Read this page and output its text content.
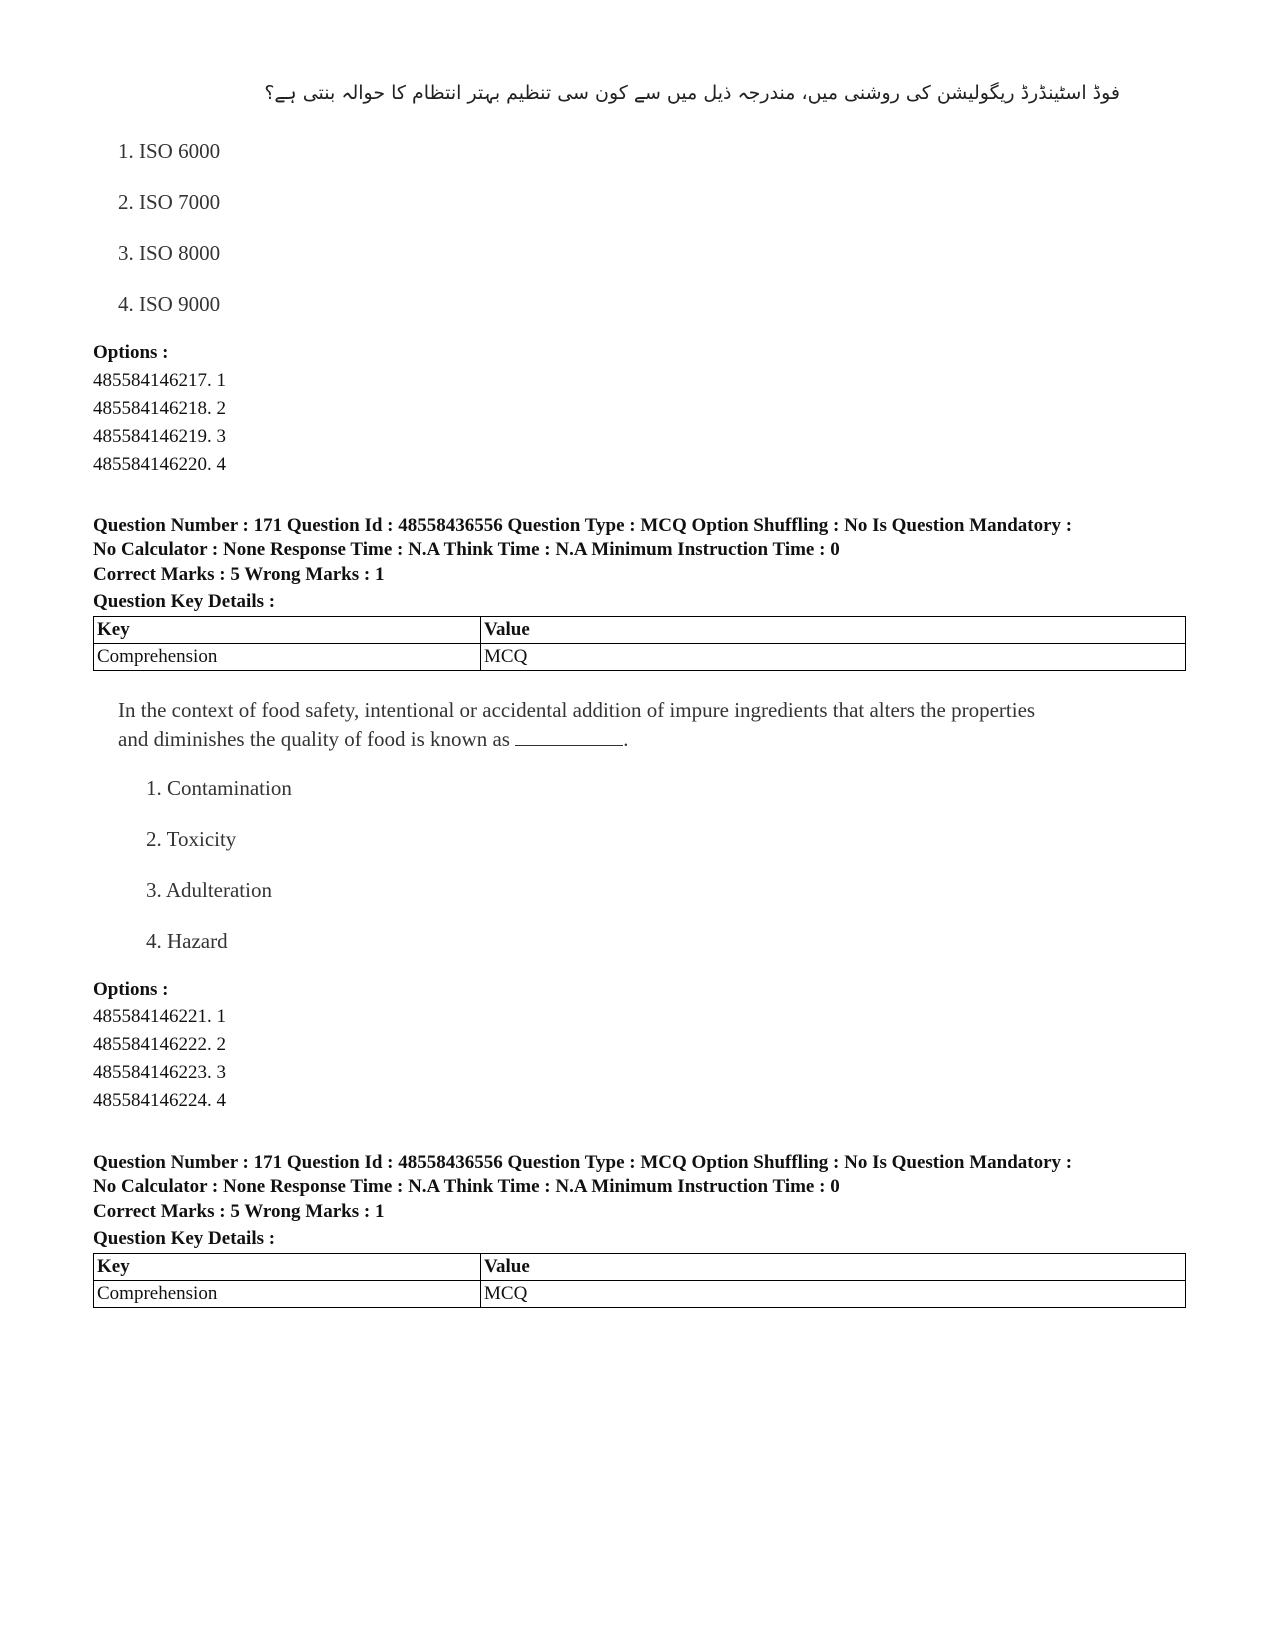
فوڈ اسٹینڈرڈ ریگولیشن کی روشنی میں، مندرجہ ذیل میں سے کون سی تنظیم بہتر انتظام کا حوالہ بنتی ہے؟
1. ISO 6000
2. ISO 7000
3. ISO 8000
4. ISO 9000
Options :
485584146217. 1
485584146218. 2
485584146219. 3
485584146220. 4
Question Number : 171 Question Id : 48558436556 Question Type : MCQ Option Shuffling : No Is Question Mandatory :
No Calculator : None Response Time : N.A Think Time : N.A Minimum Instruction Time : 0
Correct Marks : 5 Wrong Marks : 1
Question Key Details :
Key	Value
Comprehension	MCQ
In the context of food safety, intentional or accidental addition of impure ingredients that alters the properties
and diminishes the quality of food is known as	.
1. Contamination
2. Toxicity
3. Adulteration
4. Hazard
Options :
485584146221. 1
485584146222. 2
485584146223. 3
485584146224. 4
Question Number : 171 Question Id : 48558436556 Question Type : MCQ Option Shuffling : No Is Question Mandatory :
No Calculator : None Response Time : N.A Think Time : N.A Minimum Instruction Time : 0
Correct Marks : 5 Wrong Marks : 1
Question Key Details :
Key	Value
Comprehension	MCQ
